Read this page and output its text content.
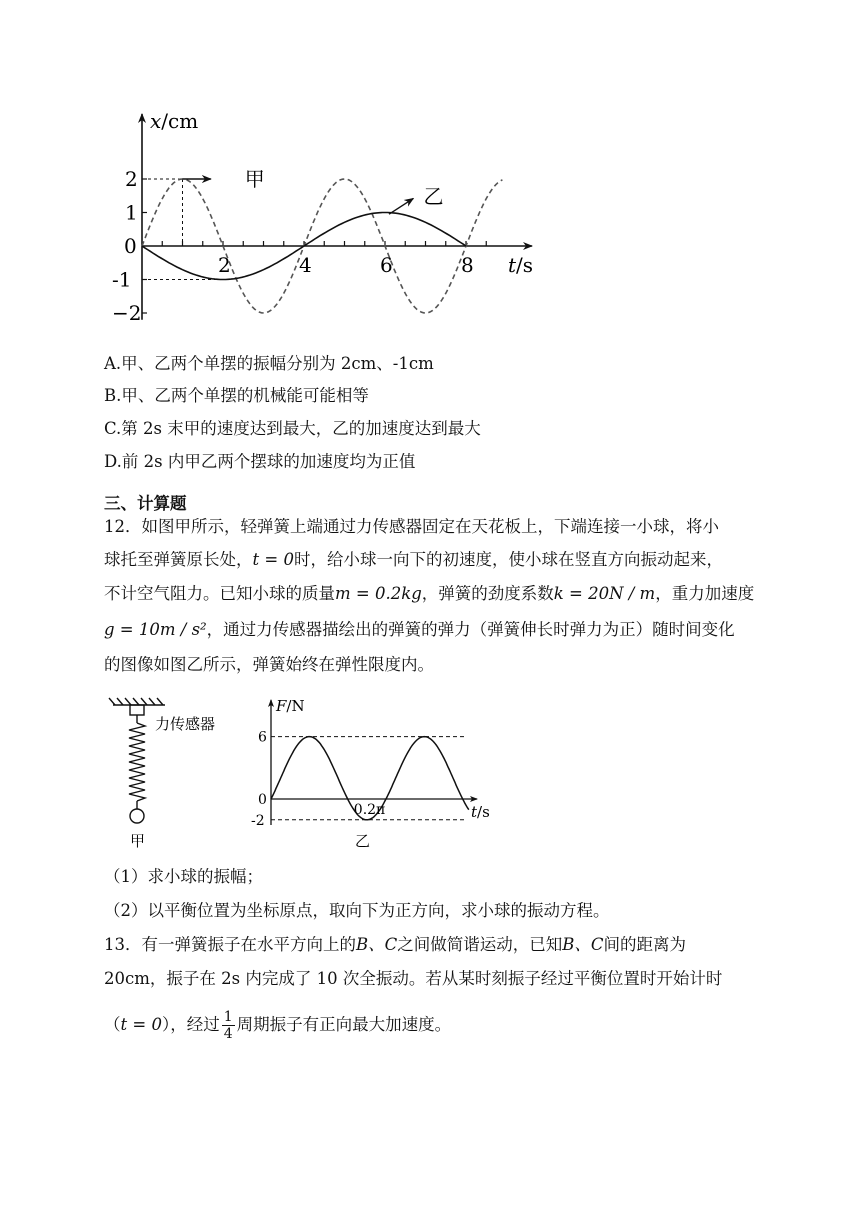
2	4	6	8
0
1
2
-1
−2
x/cm
t/s
甲
乙
A.甲、乙两个单摆的振幅分别为 2cm、-1cm
B.甲、乙两个单摆的机械能可能相等
C.第 2s 末甲的速度达到最大，乙的加速度达到最大
D.前 2s 内甲乙两个摆球的加速度均为正值
三、计算题
12．如图甲所示，轻弹簧上端通过力传感器固定在天花板上，下端连接一小球，将小
球托至弹簧原长处，t = 0时，给小球一向下的初速度，使小球在竖直方向振动起来，
不计空气阻力。已知小球的质量m = 0.2kg，弹簧的劲度系数k = 20N / m，重力加速度
g = 10m / s²，通过力传感器描绘出的弹簧的弹力（弹簧伸长时弹力为正）随时间变化
的图像如图乙所示，弹簧始终在弹性限度内。
力传感器
甲
6
0
-2
0.2π
F/N
t/s
乙
（1）求小球的振幅；
（2）以平衡位置为坐标原点，取向下为正方向，求小球的振动方程。
13．有一弹簧振子在水平方向上的B、C之间做简谐运动，已知B、C间的距离为
20cm，振子在 2s 内完成了 10 次全振动。若从某时刻振子经过平衡位置时开始计时
（t = 0），经过 $\frac{1}{4}$ 周期振子有正向最大加速度。
